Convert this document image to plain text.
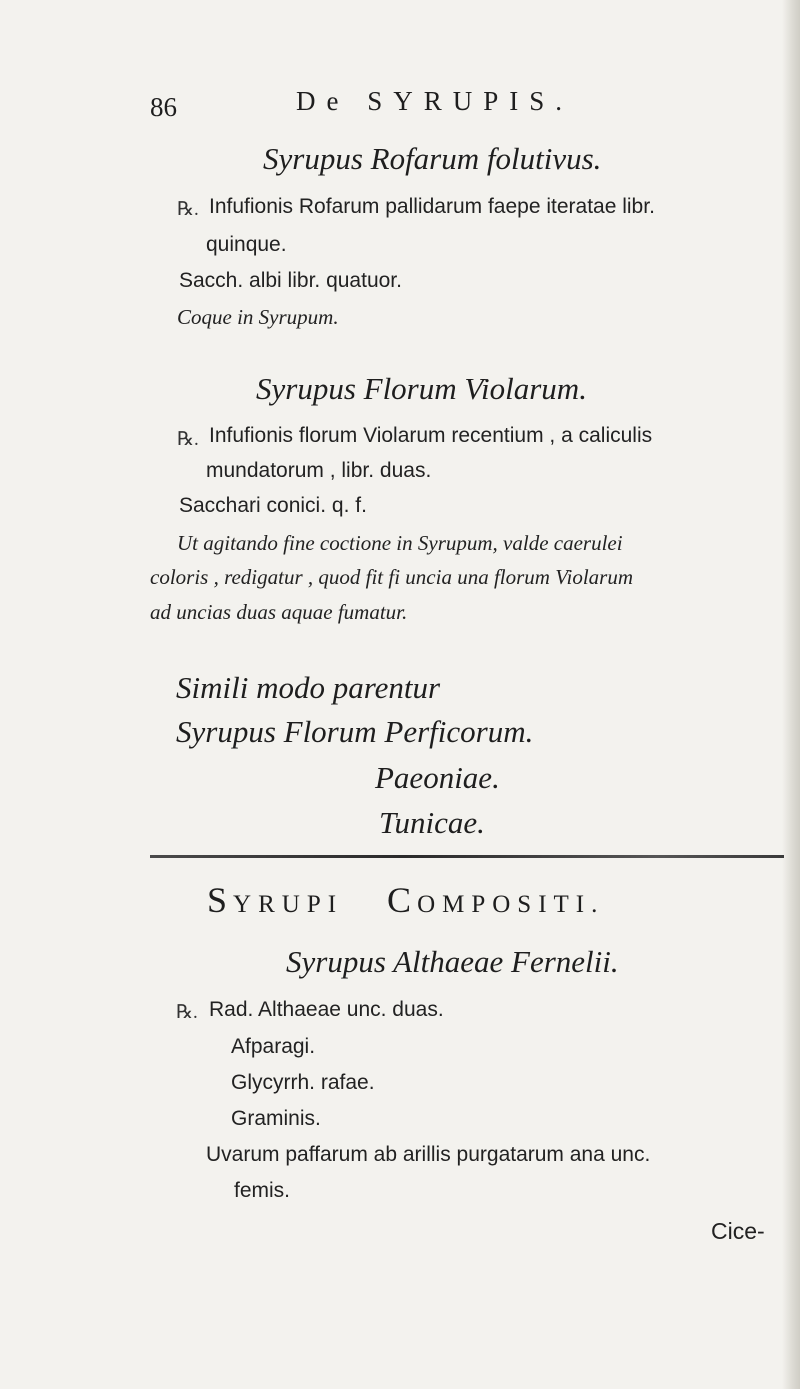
86	De SYRUPIS.
Syrupus Rofarum folutivus.
℞. Infufionis Rofarum pallidarum faepe iteratae libr.
quinque.
Sacch. albi libr. quatuor.
Coque in Syrupum.
Syrupus Florum Violarum.
℞. Infufionis florum Violarum recentium , a caliculis
mundatorum , libr. duas.
Sacchari conici. q. f.
Ut agitando fine coctione in Syrupum, valde caerulei
coloris , redigatur , quod fit fi uncia una florum Violarum
ad uncias duas aquae fumatur.
Simili modo parentur
Syrupus Florum Perficorum.
Paeoniae.
Tunicae.
SYRUPI COMPOSITI.
Syrupus Althaeae Fernelii.
℞. Rad. Althaeae unc. duas.
Afparagi.
Glycyrrh. rafae.
Graminis.
Uvarum paffarum ab arillis purgatarum ana unc.
femis.
Cice-
